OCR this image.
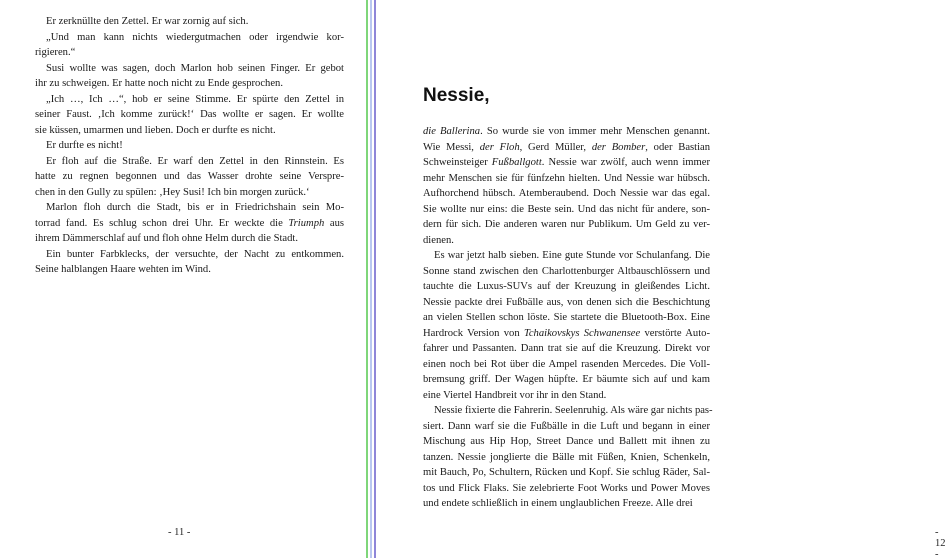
Er zerknüllte den Zettel. Er war zornig auf sich.

„Und man kann nichts wiedergutmachen oder irgendwie kor-
rigieren.“

Susi wollte was sagen, doch Marlon hob seinen Finger. Er gebot
ihr zu schweigen. Er hatte noch nicht zu Ende gesprochen.

„Ich …, Ich …“, hob er seine Stimme. Er spürte den Zettel in
seiner Faust. ‚Ich komme zurück!‘ Das wollte er sagen. Er wollte
sie küssen, umarmen und lieben. Doch er durfte es nicht.

Er durfte es nicht!

Er floh auf die Straße. Er warf den Zettel in den Rinnstein. Es
hatte zu regnen begonnen und das Wasser drohte seine Verspre-
chen in den Gully zu spülen: ‚Hey Susi! Ich bin morgen zurück.‘

Marlon floh durch die Stadt, bis er in Friedrichshain sein Mo-
torrad fand. Es schlug schon drei Uhr. Er weckte die Triumph aus
ihrem Dämmerschlaf auf und floh ohne Helm durch die Stadt.

Ein bunter Farbklecks, der versuchte, der Nacht zu entkommen.
Seine halblangen Haare wehten im Wind.

- 11 -
Nessie,

die Ballerina. So wurde sie von immer mehr Menschen genannt.
Wie Messi, der Floh, Gerd Müller, der Bomber, oder Bastian
Schweinsteiger Fußballgott. Nessie war zwölf, auch wenn immer
mehr Menschen sie für fünfzehn hielten. Und Nessie war hübsch.
Aufhorchend hübsch. Atemberaubend. Doch Nessie war das egal.
Sie wollte nur eins: die Beste sein. Und das nicht für andere, son-
dern für sich. Die anderen waren nur Publikum. Um Geld zu ver-
dienen.

Es war jetzt halb sieben. Eine gute Stunde vor Schulanfang. Die
Sonne stand zwischen den Charlottenburger Altbauschlössern und
tauchte die Luxus-SUVs auf der Kreuzung in gleißendes Licht.
Nessie packte drei Fußbälle aus, von denen sich die Beschichtung
an vielen Stellen schon löste. Sie startete die Bluetooth-Box. Eine
Hardrock Version von Tchaikovskys Schwanensee verstörte Auto-
fahrer und Passanten. Dann trat sie auf die Kreuzung. Direkt vor
einen noch bei Rot über die Ampel rasenden Mercedes. Die Voll-
bremsung griff. Der Wagen hüpfte. Er bäumte sich auf und kam
eine Viertel Handbreit vor ihr in den Stand.

Nessie fixierte die Fahrerin. Seelenruhig. Als wäre gar nichts pas-
siert. Dann warf sie die Fußbälle in die Luft und begann in einer
Mischung aus Hip Hop, Street Dance und Ballett mit ihnen zu
tanzen. Nessie jonglierte die Bälle mit Füßen, Knien, Schenkeln,
mit Bauch, Po, Schultern, Rücken und Kopf. Sie schlug Räder, Sal-
tos und Flick Flaks. Sie zelebrierte Foot Works und Power Moves
und endete schließlich in einem unglaublichen Freeze. Alle drei

- 12 -
